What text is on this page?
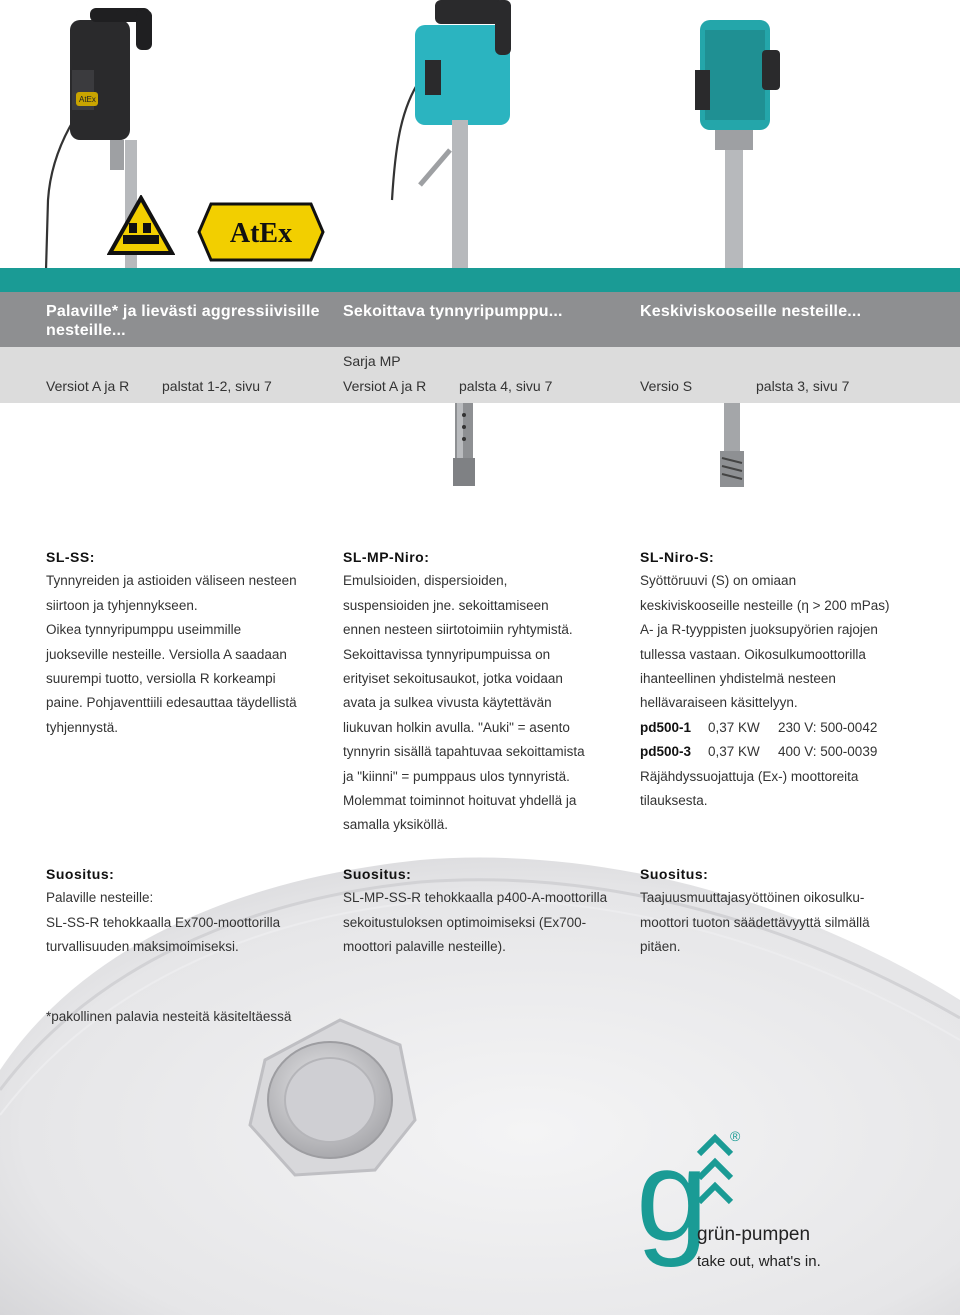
AtEx
AtEx
Palaville* ja lievästi aggressiivisille nesteille...
Sekoittava tynnyripumppu...	Keskiviskooseille nesteille...
Sarja MP
Versiot A ja R palstat 1-2, sivu 7	Versiot A ja R palsta 4, sivu 7	Versio S	palsta 3, sivu 7
SL-SS:

Tynnyreiden ja astioiden väliseen nesteen

siirtoon ja tyhjennykseen.

Oikea tynnyripumppu useimmille

juokseville nesteille. Versiolla A saadaan

suurempi tuotto, versiolla R korkeampi

paine. Pohjaventtiili edesauttaa täydellistä

tyhjennystä.

SL-MP-Niro:

Emulsioiden, dispersioiden,

suspensioiden jne. sekoittamiseen

ennen nesteen siirtotoimiin ryhtymistä.

Sekoittavissa tynnyripumpuissa on

erityiset sekoitusaukot, jotka voidaan

avata ja sulkea vivusta käytettävän

liukuvan holkin avulla. "Auki" = asento

tynnyrin sisällä tapahtuvaa sekoittamista

ja "kiinni" = pumppaus ulos tynnyristä.

Molemmat toiminnot hoituvat yhdellä ja

samalla yksiköllä.

SL-Niro-S:

Syöttöruuvi (S) on omiaan

keskiviskooseille nesteille (η > 200 mPas)

A- ja R-tyyppisten juoksupyörien rajojen

tullessa vastaan. Oikosulkumoottorilla

ihanteellinen yhdistelmä nesteen

hellävaraiseen käsittelyyn.

pd500-1	0,37 KW	230 V: 500-0042
pd500-3	0,37 KW	400 V: 500-0039

Räjähdyssuojattuja (Ex-) moottoreita

tilauksesta.

Suositus:

Palaville nesteille:

SL-SS-R tehokkaalla Ex700-moottorilla

turvallisuuden maksimoimiseksi.

Suositus:

SL-MP-SS-R tehokkaalla p400-A-moottorilla

sekoitustuloksen optimoimiseksi (Ex700-

moottori palaville nesteille).

Suositus:

Taajuusmuuttajasyöttöinen oikosulku-

moottori tuoton säädettävyyttä silmällä

pitäen.

*pakollinen palavia nesteitä käsiteltäessä
g ®
grün-pumpen
take out, what's in.
